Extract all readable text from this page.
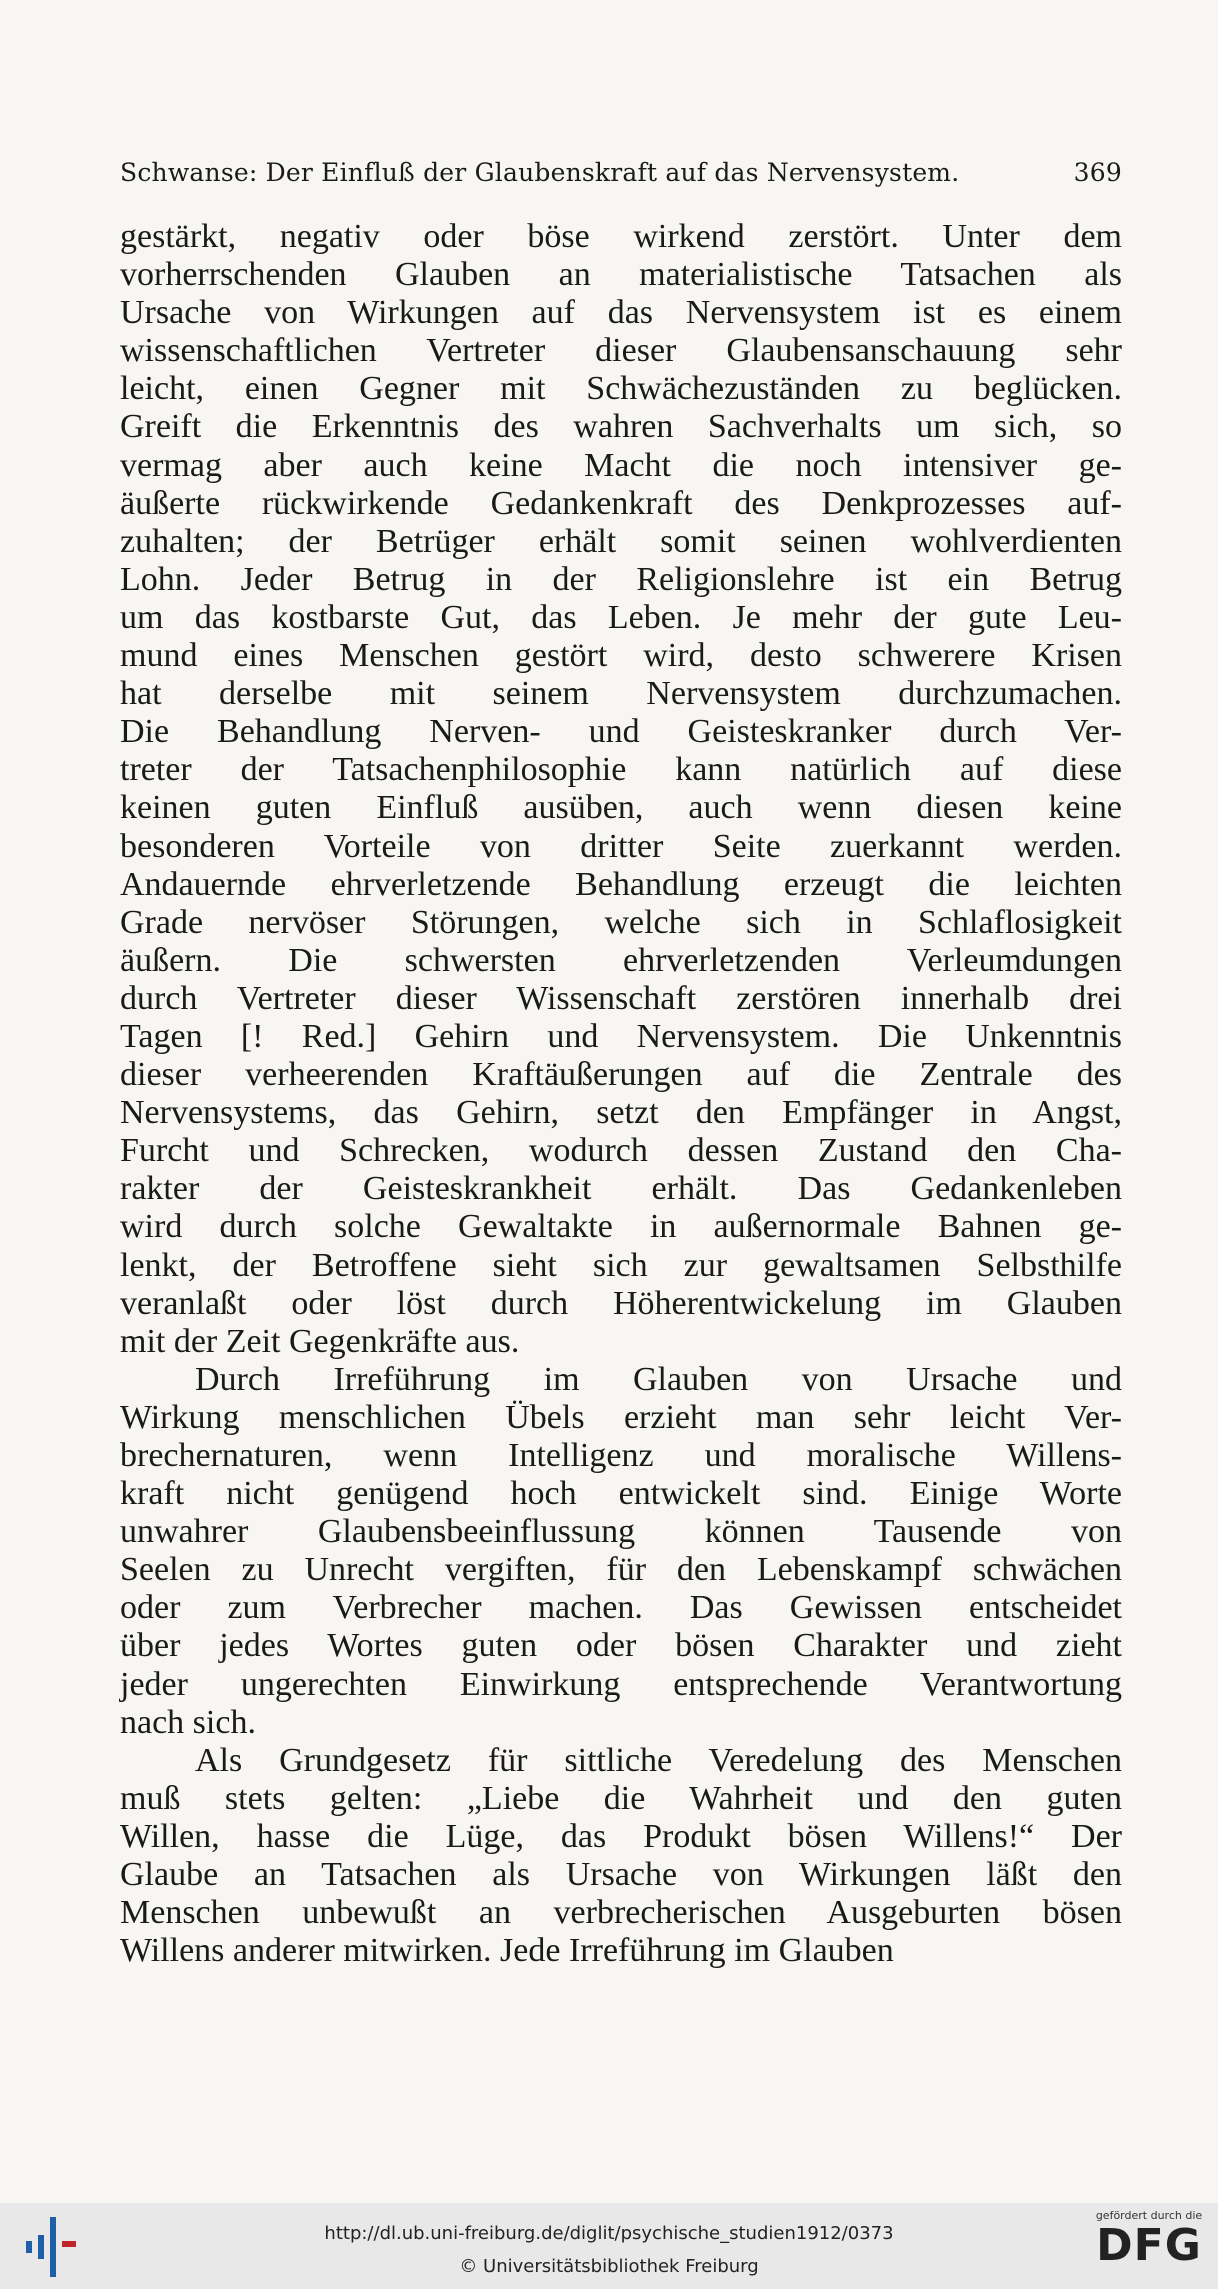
Schwanse: Der Einfluß der Glaubenskraft auf das Nervensystem.	369
gestärkt, negativ oder böse wirkend zerstört. Unter dem
vorherrschenden Glauben an materialistische Tatsachen als
Ursache von Wirkungen auf das Nervensystem ist es einem
wissenschaftlichen Vertreter dieser Glaubensanschauung sehr
leicht, einen Gegner mit Schwächezuständen zu beglücken.
Greift die Erkenntnis des wahren Sachverhalts um sich, so
vermag aber auch keine Macht die noch intensiver ge-
äußerte rückwirkende Gedankenkraft des Denkprozesses auf-
zuhalten; der Betrüger erhält somit seinen wohlverdienten
Lohn. Jeder Betrug in der Religionslehre ist ein Betrug
um das kostbarste Gut, das Leben. Je mehr der gute Leu-
mund eines Menschen gestört wird, desto schwerere Krisen
hat derselbe mit seinem Nervensystem durchzumachen.
Die Behandlung Nerven- und Geisteskranker durch Ver-
treter der Tatsachenphilosophie kann natürlich auf diese
keinen guten Einfluß ausüben, auch wenn diesen keine
besonderen Vorteile von dritter Seite zuerkannt werden.
Andauernde ehrverletzende Behandlung erzeugt die leichten
Grade nervöser Störungen, welche sich in Schlaflosigkeit
äußern. Die schwersten ehrverletzenden Verleumdungen
durch Vertreter dieser Wissenschaft zerstören innerhalb drei
Tagen [! Red.] Gehirn und Nervensystem. Die Unkenntnis
dieser verheerenden Kraftäußerungen auf die Zentrale des
Nervensystems, das Gehirn, setzt den Empfänger in Angst,
Furcht und Schrecken, wodurch dessen Zustand den Cha-
rakter der Geisteskrankheit erhält. Das Gedankenleben
wird durch solche Gewaltakte in außernormale Bahnen ge-
lenkt, der Betroffene sieht sich zur gewaltsamen Selbsthilfe
veranlaßt oder löst durch Höherentwickelung im Glauben
mit der Zeit Gegenkräfte aus.
Durch Irreführung im Glauben von Ursache und
Wirkung menschlichen Übels erzieht man sehr leicht Ver-
brechernaturen, wenn Intelligenz und moralische Willens-
kraft nicht genügend hoch entwickelt sind. Einige Worte
unwahrer Glaubensbeeinflussung können Tausende von
Seelen zu Unrecht vergiften, für den Lebenskampf schwächen
oder zum Verbrecher machen. Das Gewissen entscheidet
über jedes Wortes guten oder bösen Charakter und zieht
jeder ungerechten Einwirkung entsprechende Verantwortung
nach sich.
Als Grundgesetz für sittliche Veredelung des Menschen
muß stets gelten: „Liebe die Wahrheit und den guten
Willen, hasse die Lüge, das Produkt bösen Willens!“ Der
Glaube an Tatsachen als Ursache von Wirkungen läßt den
Menschen unbewußt an verbrecherischen Ausgeburten bösen
Willens anderer mitwirken. Jede Irreführung im Glauben
http://dl.ub.uni-freiburg.de/diglit/psychische_studien1912/0373
© Universitätsbibliothek Freiburg
gefördert durch die
DFG
